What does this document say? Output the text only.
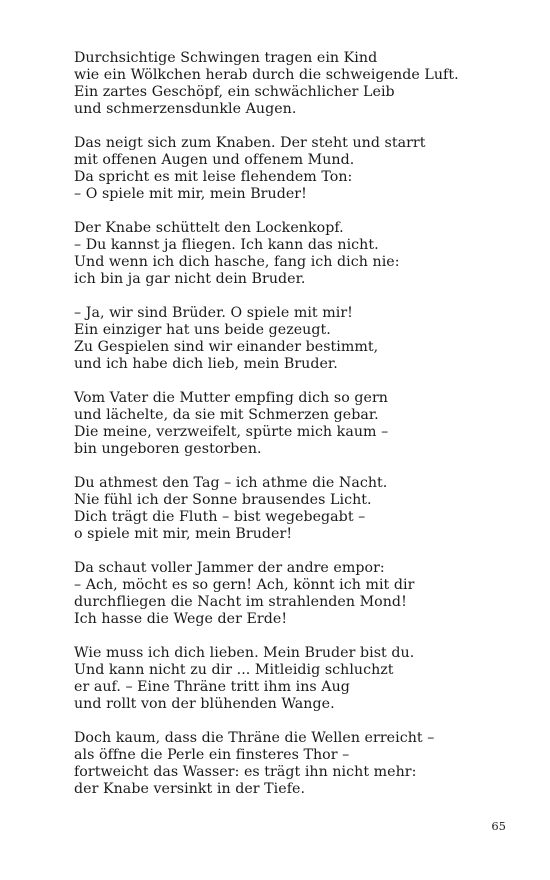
Durchsichtige Schwingen tragen ein Kind
wie ein Wölkchen herab durch die schweigende Luft.
Ein zartes Geschöpf, ein schwächlicher Leib
und schmerzensdunkle Augen.
Das neigt sich zum Knaben. Der steht und starrt
mit offenen Augen und offenem Mund.
Da spricht es mit leise flehendem Ton:
– O spiele mit mir, mein Bruder!
Der Knabe schüttelt den Lockenkopf.
– Du kannst ja fliegen. Ich kann das nicht.
Und wenn ich dich hasche, fang ich dich nie:
ich bin ja gar nicht dein Bruder.
– Ja, wir sind Brüder. O spiele mit mir!
Ein einziger hat uns beide gezeugt.
Zu Gespielen sind wir einander bestimmt,
und ich habe dich lieb, mein Bruder.
Vom Vater die Mutter empfing dich so gern
und lächelte, da sie mit Schmerzen gebar.
Die meine, verzweifelt, spürte mich kaum –
bin ungeboren gestorben.
Du athmest den Tag – ich athme die Nacht.
Nie fühl ich der Sonne brausendes Licht.
Dich trägt die Fluth – bist wegebegabt –
o spiele mit mir, mein Bruder!
Da schaut voller Jammer der andre empor:
– Ach, möcht es so gern! Ach, könnt ich mit dir
durchfliegen die Nacht im strahlenden Mond!
Ich hasse die Wege der Erde!
Wie muss ich dich lieben. Mein Bruder bist du.
Und kann nicht zu dir ... Mitleidig schluchzt
er auf. – Eine Thräne tritt ihm ins Aug
und rollt von der blühenden Wange.
Doch kaum, dass die Thräne die Wellen erreicht –
als öffne die Perle ein finsteres Thor –
fortweicht das Wasser: es trägt ihn nicht mehr:
der Knabe versinkt in der Tiefe.
65
